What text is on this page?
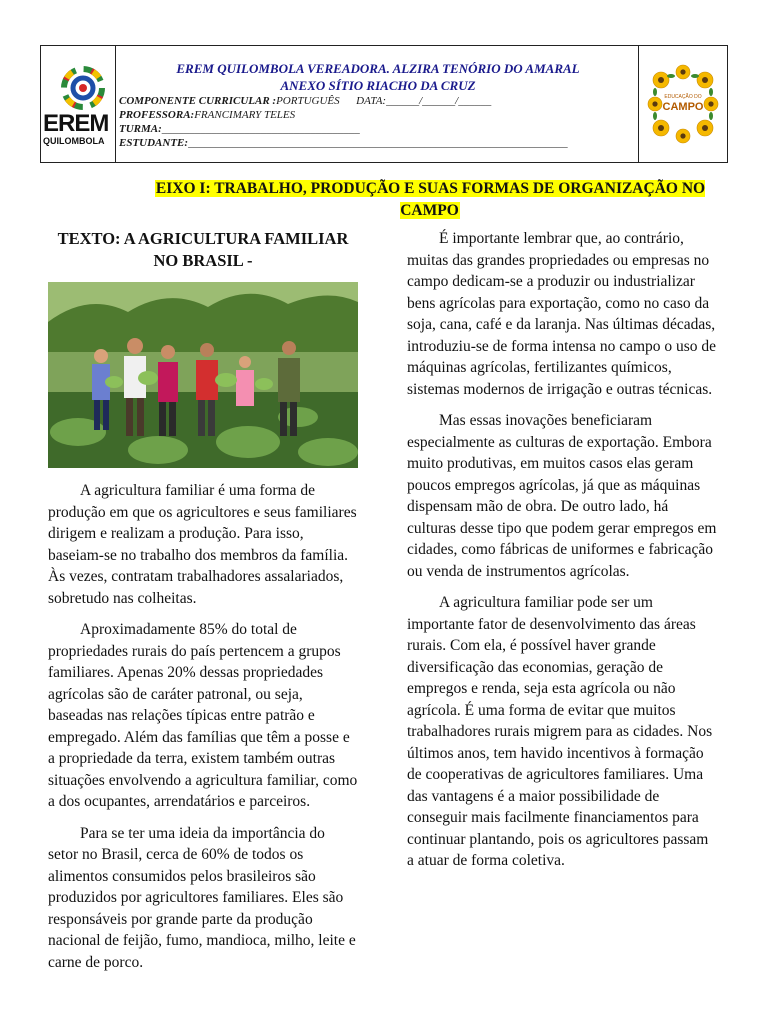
EREM
QUILOMBOLA
EREM QUILOMBOLA VEREADORA. ALZIRA TENÓRIO DO AMARAL
ANEXO SÍTIO RIACHO DA CRUZ
COMPONENTE CURRICULAR :PORTUGUÊS DATA:______/______/______
PROFESSORA:FRANCIMARY TELES
TURMA:____________________________________
ESTUDANTE:_____________________________________________________________________
EDUCAÇÃO DO
CAMPO
EIXO I: TRABALHO, PRODUÇÃO E SUAS FORMAS DE ORGANIZAÇÃO NO CAMPO
TEXTO: A AGRICULTURA FAMILIAR NO BRASIL -

A agricultura familiar é uma forma de produção em que os agricultores e seus familiares dirigem e realizam a produção. Para isso, baseiam-se no trabalho dos membros da família. Às vezes, contratam trabalhadores assalariados, sobretudo nas colheitas.

Aproximadamente 85% do total de propriedades rurais do país pertencem a grupos familiares. Apenas 20% dessas propriedades agrícolas são de caráter patronal, ou seja, baseadas nas relações típicas entre patrão e empregado. Além das famílias que têm a posse e a propriedade da terra, existem também outras situações envolvendo a agricultura familiar, como a dos ocupantes, arrendatários e parceiros.

Para se ter uma ideia da importância do setor no Brasil, cerca de 60% de todos os alimentos consumidos pelos brasileiros são produzidos por agricultores familiares. Eles são responsáveis por grande parte da produção nacional de feijão, fumo, mandioca, milho, leite e carne de porco.

É importante lembrar que, ao contrário, muitas das grandes propriedades ou empresas no campo dedicam-se a produzir ou industrializar bens agrícolas para exportação, como no caso da soja, cana, café e da laranja. Nas últimas décadas, introduziu-se de forma intensa no campo o uso de máquinas agrícolas, fertilizantes químicos, sistemas modernos de irrigação e outras técnicas.

Mas essas inovações beneficiaram especialmente as culturas de exportação. Embora muito produtivas, em muitos casos elas geram poucos empregos agrícolas, já que as máquinas dispensam mão de obra. De outro lado, há culturas desse tipo que podem gerar empregos em cidades, como fábricas de uniformes e fabricação ou venda de instrumentos agrícolas.

A agricultura familiar pode ser um importante fator de desenvolvimento das áreas rurais. Com ela, é possível haver grande diversificação das economias, geração de empregos e renda, seja esta agrícola ou não agrícola. É uma forma de evitar que muitos trabalhadores rurais migrem para as cidades. Nos últimos anos, tem havido incentivos à formação de cooperativas de agricultores familiares. Uma das vantagens é a maior possibilidade de conseguir mais facilmente financiamentos para continuar plantando, pois os agricultores passam a atuar de forma coletiva.
